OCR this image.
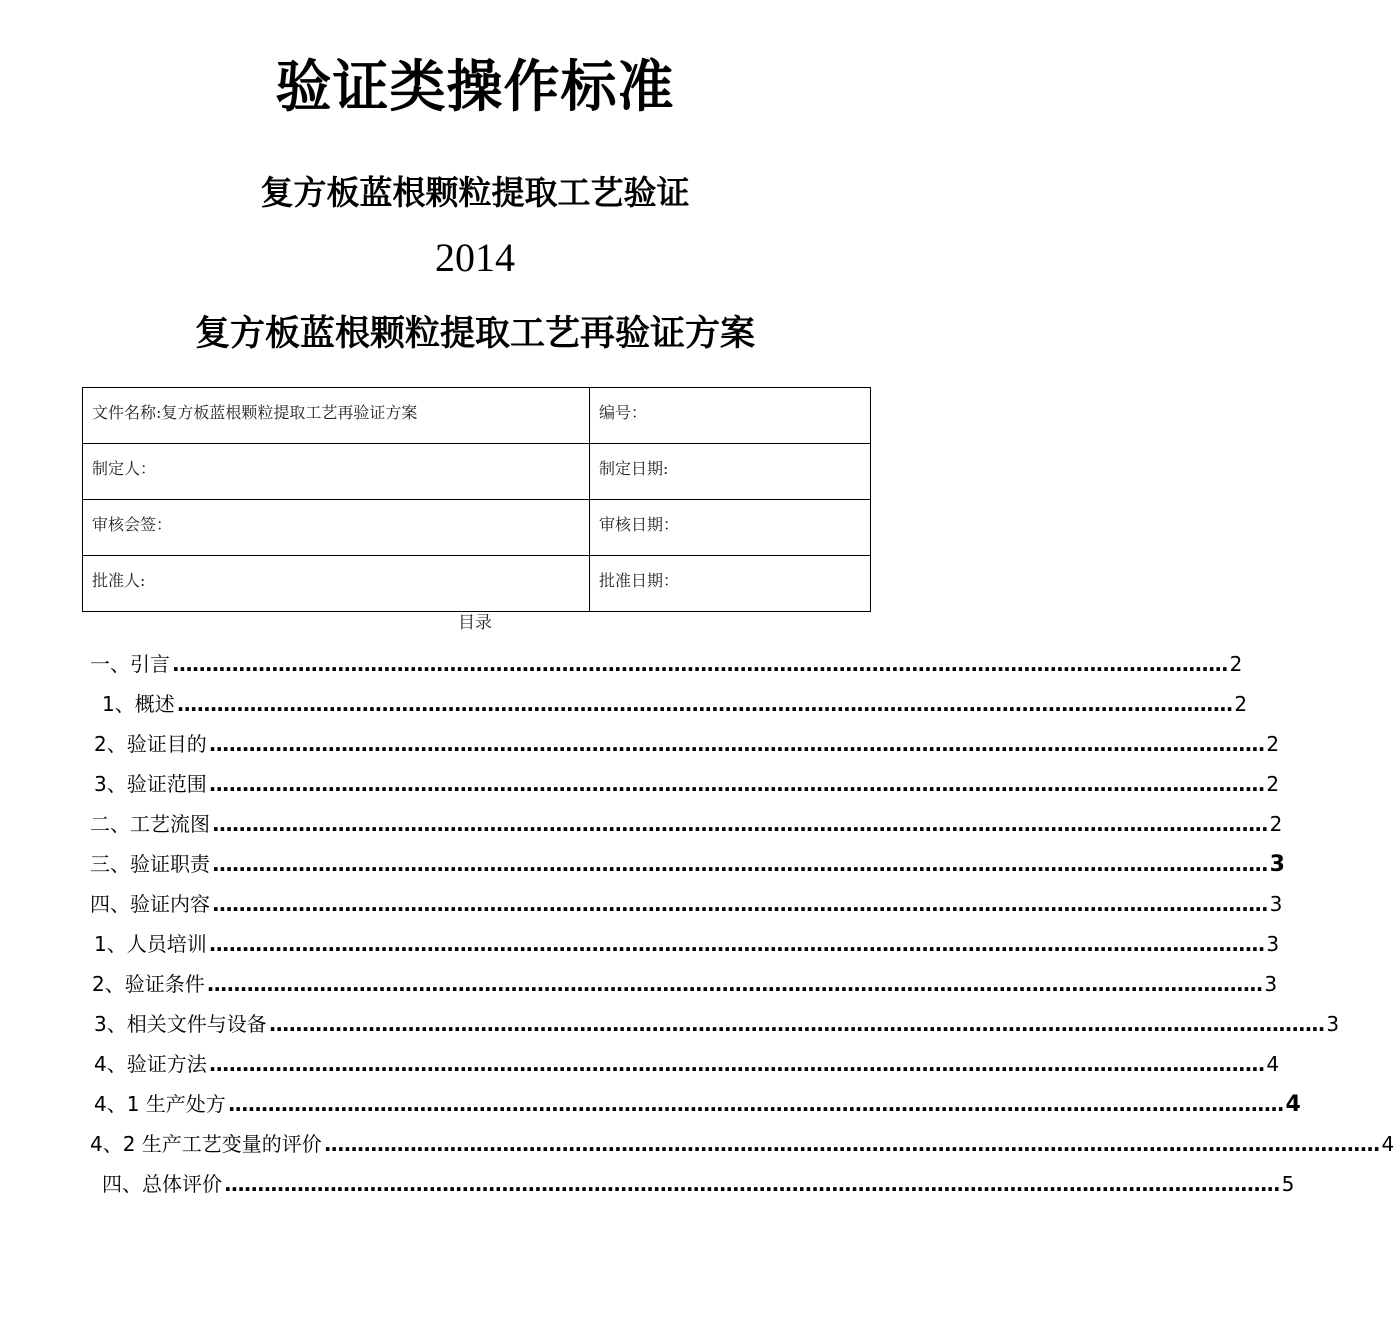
验证类操作标准
复方板蓝根颗粒提取工艺验证
2014
复方板蓝根颗粒提取工艺再验证方案
文件名称:复方板蓝根颗粒提取工艺再验证方案	编号：
制定人：	制定日期:
审核会签：	审核日期：
批准人:	批准日期：
目录
一、引言 ................................................................................................................................................................ 2
1、概述 ................................................................................................................................................................ 2
2、验证目的 ................................................................................................................................................................ 2
3、验证范围 ................................................................................................................................................................ 2
二、工艺流图 ................................................................................................................................................................ 2
三、验证职责 ................................................................................................................................................................ 3
四、验证内容 ................................................................................................................................................................ 3
1、人员培训 ................................................................................................................................................................ 3
2、验证条件 ................................................................................................................................................................ 3
3、相关文件与设备 ................................................................................................................................................................ 3
4、验证方法 ................................................................................................................................................................ 4
4、1 生产处方 ................................................................................................................................................................ 4
4、2 生产工艺变量的评价 ................................................................................................................................................................ 4
四、总体评价 ................................................................................................................................................................ 5
